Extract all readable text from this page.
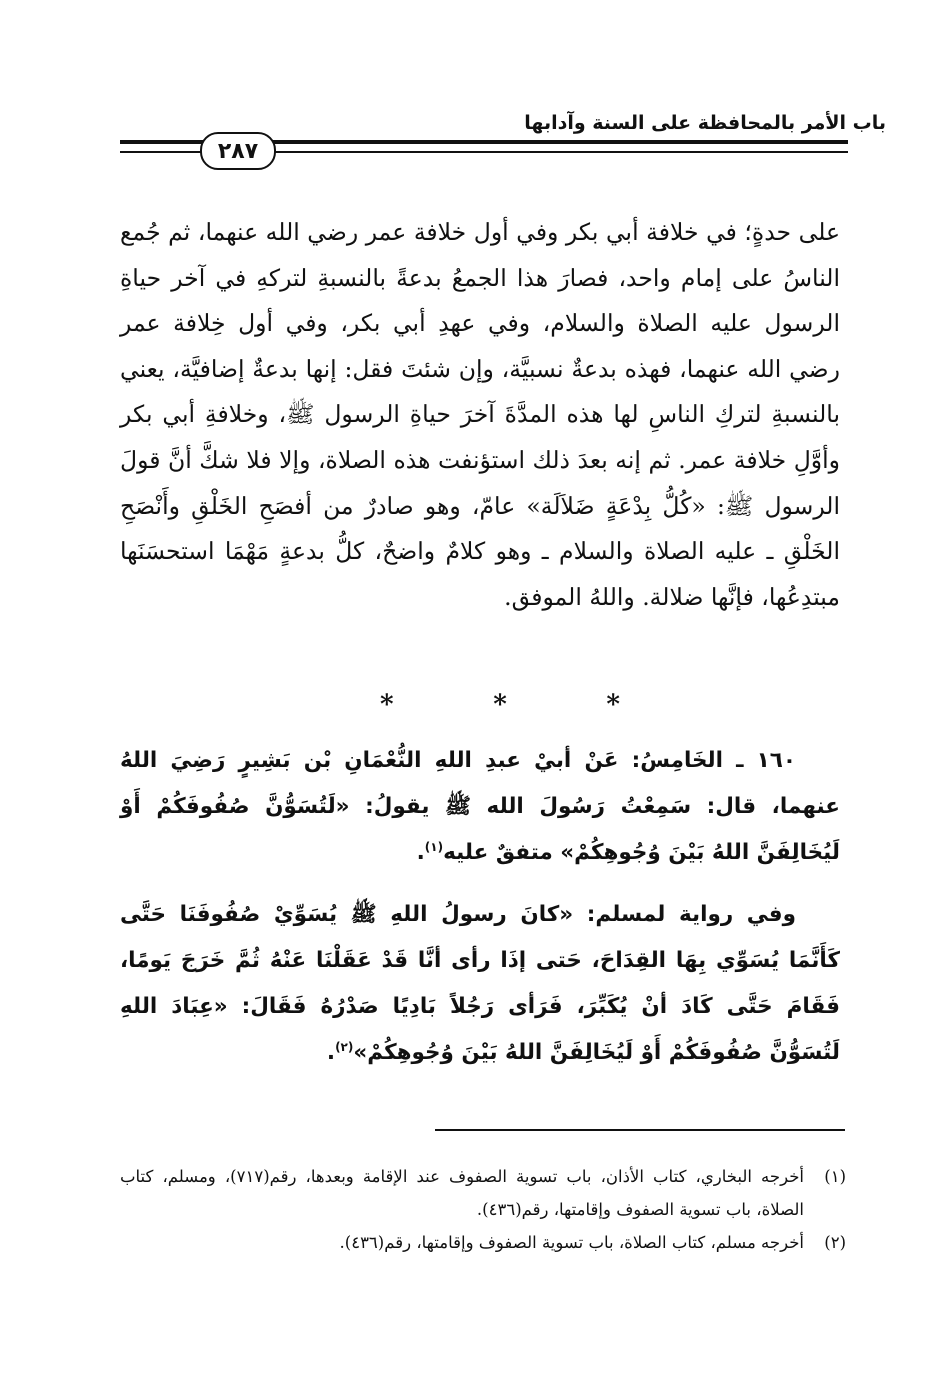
باب الأمر بالمحافظة على السنة وآدابها
٢٨٧
على حدةٍ؛ في خلافة أبي بكر وفي أول خلافة عمر رضي الله عنهما، ثم جُمع الناسُ على إمام واحد، فصارَ هذا الجمعُ بدعةً بالنسبةِ لتركهِ في آخر حياةِ الرسول عليه الصلاة والسلام، وفي عهدِ أبي بكر، وفي أول خِلافة عمر رضي الله عنهما، فهذه بدعةٌ نسبيَّة، وإن شئتَ فقل: إنها بدعةٌ إضافيَّة، يعني بالنسبةِ لتركِ الناسِ لها هذه المدَّةَ آخرَ حياةِ الرسول ﷺ، وخلافةِ أبي بكر وأوَّلِ خلافة عمر. ثم إنه بعدَ ذلك استؤنفت هذه الصلاة، وإلا فلا شكَّ أنَّ قولَ الرسول ﷺ: «كُلُّ بِدْعَةٍ ضَلاَلَة» عامّ، وهو صادرٌ من أفصَحِ الخَلْقِ وأَنْصَحِ الخَلْقِ ـ عليه الصلاة والسلام ـ وهو كلامٌ واضحٌ، كلُّ بدعةٍ مَهْمَا استحسَنَها مبتدِعُها، فإنَّها ضلالة. واللهُ الموفق.
*	*	*
١٦٠ ـ الخَامِسُ: عَنْ أبيْ عبدِ اللهِ النُّعْمَانِ بْن بَشِيرٍ رَضِيَ اللهُ عنهما، قال: سَمِعْتُ رَسُولَ الله ﷺ يقولُ: «لَتُسَوُّنَّ صُفُوفَكُمْ أَوْ لَيُخَالِفَنَّ اللهُ بَيْنَ وُجُوهِكُمْ» متفقٌ عليه$^{(١)}$.
وفي رواية لمسلم: «كانَ رسولُ اللهِ ﷺ يُسَوِّيْ صُفُوفَنَا حَتَّى كَأَنَّمَا يُسَوِّي بِهَا القِدَاحَ، حَتى إذَا رأى أنَّا قَدْ عَقَلْنَا عَنْهُ ثُمَّ خَرَجَ يَومًا، فَقَامَ حَتَّى كَادَ أنْ يُكَبِّرَ، فَرَأى رَجُلاً بَادِيًا صَدْرُهُ فَقَالَ: «عِبَادَ اللهِ لَتُسَوُّنَّ صُفُوفَكُمْ أَوْ لَيُخَالِفَنَّ اللهُ بَيْنَ وُجُوهِكُمْ»$^{(٢)}$.
(١)
أخرجه البخاري، كتاب الأذان، باب تسوية الصفوف عند الإقامة وبعدها، رقم(٧١٧)، ومسلم، كتاب الصلاة، باب تسوية الصفوف وإقامتها، رقم(٤٣٦).
(٢)
أخرجه مسلم، كتاب الصلاة، باب تسوية الصفوف وإقامتها، رقم(٤٣٦).
